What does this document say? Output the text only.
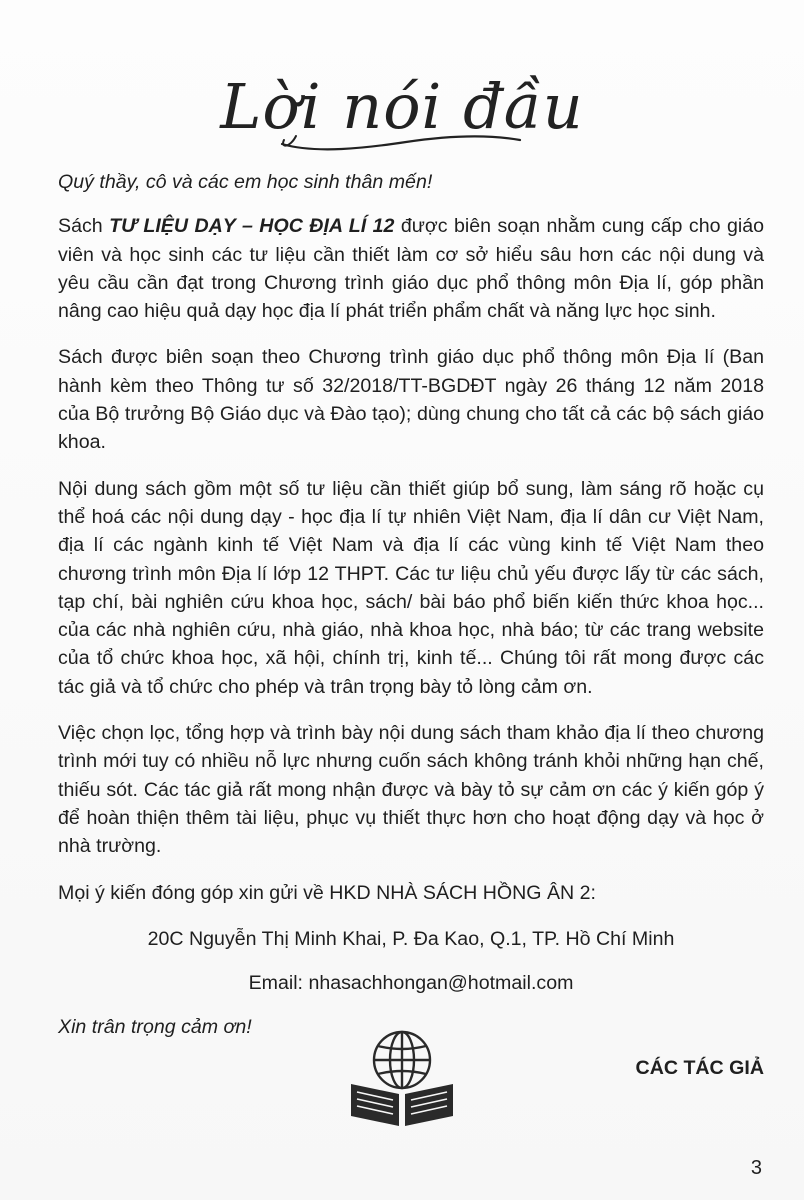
Lời nói đầu

Quý thầy, cô và các em học sinh thân mến!

Sách TƯ LIỆU DẠY – HỌC ĐỊA LÍ 12 được biên soạn nhằm cung cấp cho giáo viên và học sinh các tư liệu cần thiết làm cơ sở hiểu sâu hơn các nội dung và yêu cầu cần đạt trong Chương trình giáo dục phổ thông môn Địa lí, góp phần nâng cao hiệu quả dạy học địa lí phát triển phẩm chất và năng lực học sinh.

Sách được biên soạn theo Chương trình giáo dục phổ thông môn Địa lí (Ban hành kèm theo Thông tư số 32/2018/TT-BGDĐT ngày 26 tháng 12 năm 2018 của Bộ trưởng Bộ Giáo dục và Đào tạo); dùng chung cho tất cả các bộ sách giáo khoa.

Nội dung sách gồm một số tư liệu cần thiết giúp bổ sung, làm sáng rõ hoặc cụ thể hoá các nội dung dạy - học địa lí tự nhiên Việt Nam, địa lí dân cư Việt Nam, địa lí các ngành kinh tế Việt Nam và địa lí các vùng kinh tế Việt Nam theo chương trình môn Địa lí lớp 12 THPT. Các tư liệu chủ yếu được lấy từ các sách, tạp chí, bài nghiên cứu khoa học, sách/ bài báo phổ biến kiến thức khoa học... của các nhà nghiên cứu, nhà giáo, nhà khoa học, nhà báo; từ các trang website của tổ chức khoa học, xã hội, chính trị, kinh tế... Chúng tôi rất mong được các tác giả và tổ chức cho phép và trân trọng bày tỏ lòng cảm ơn.

Việc chọn lọc, tổng hợp và trình bày nội dung sách tham khảo địa lí theo chương trình mới tuy có nhiều nỗ lực nhưng cuốn sách không tránh khỏi những hạn chế, thiếu sót. Các tác giả rất mong nhận được và bày tỏ sự cảm ơn các ý kiến góp ý để hoàn thiện thêm tài liệu, phục vụ thiết thực hơn cho hoạt động dạy và học ở nhà trường.

Mọi ý kiến đóng góp xin gửi về HKD NHÀ SÁCH HỒNG ÂN 2:

20C Nguyễn Thị Minh Khai, P. Đa Kao, Q.1, TP. Hồ Chí Minh

Email: nhasachhongan@hotmail.com

Xin trân trọng cảm ơn!

CÁC TÁC GIẢ

3
